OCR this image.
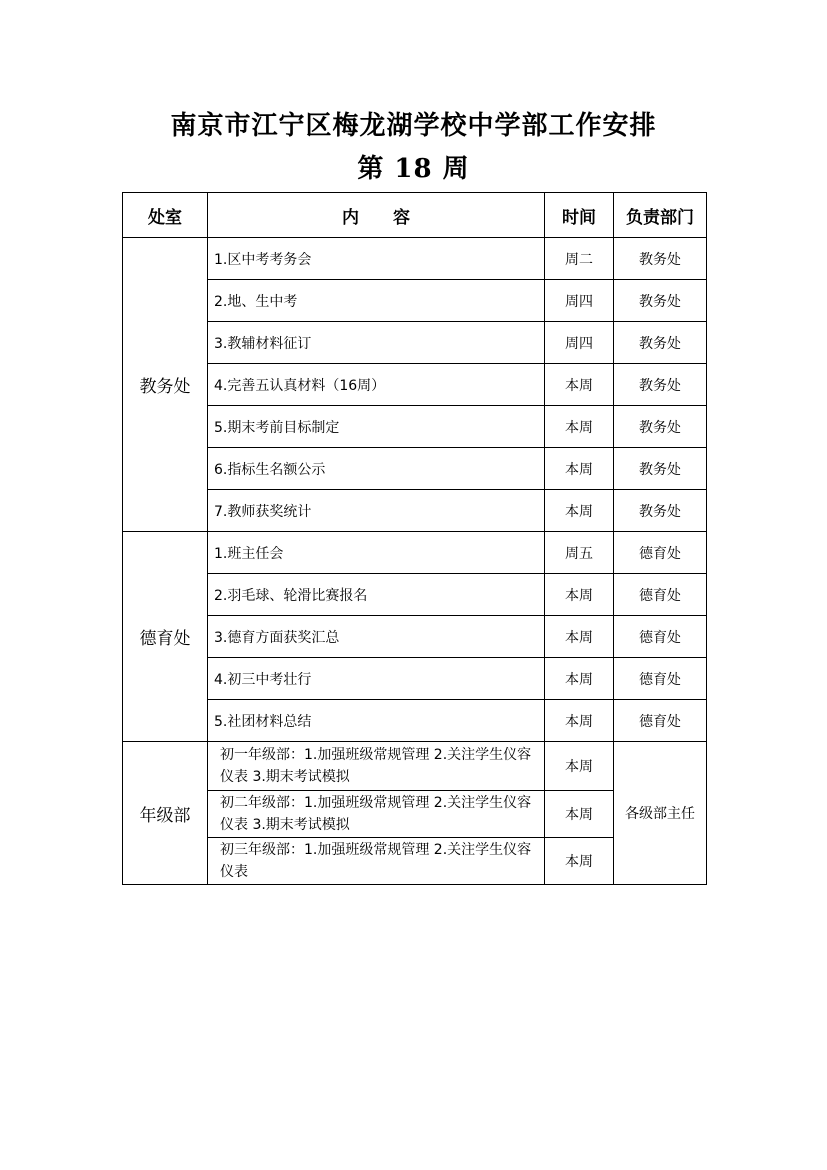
南京市江宁区梅龙湖学校中学部工作安排
第 18 周
处室	内　　容	时间	负责部门
教务处	1.区中考考务会	周二	教务处
	2.地、生中考	周四	教务处
	3.教辅材料征订	周四	教务处
	4.完善五认真材料（16周）	本周	教务处
	5.期末考前目标制定	本周	教务处
	6.指标生名额公示	本周	教务处
	7.教师获奖统计	本周	教务处
德育处	1.班主任会	周五	德育处
	2.羽毛球、轮滑比赛报名	本周	德育处
	3.德育方面获奖汇总	本周	德育处
	4.初三中考壮行	本周	德育处
	5.社团材料总结	本周	德育处
年级部	初一年级部：1.加强班级常规管理 2.关注学生仪容仪表 3.期末考试模拟	本周	各级部主任

	初二年级部：1.加强班级常规管理 2.关注学生仪容仪表 3.期末考试模拟	本周	

	初三年级部：1.加强班级常规管理 2.关注学生仪容仪表	本周	
